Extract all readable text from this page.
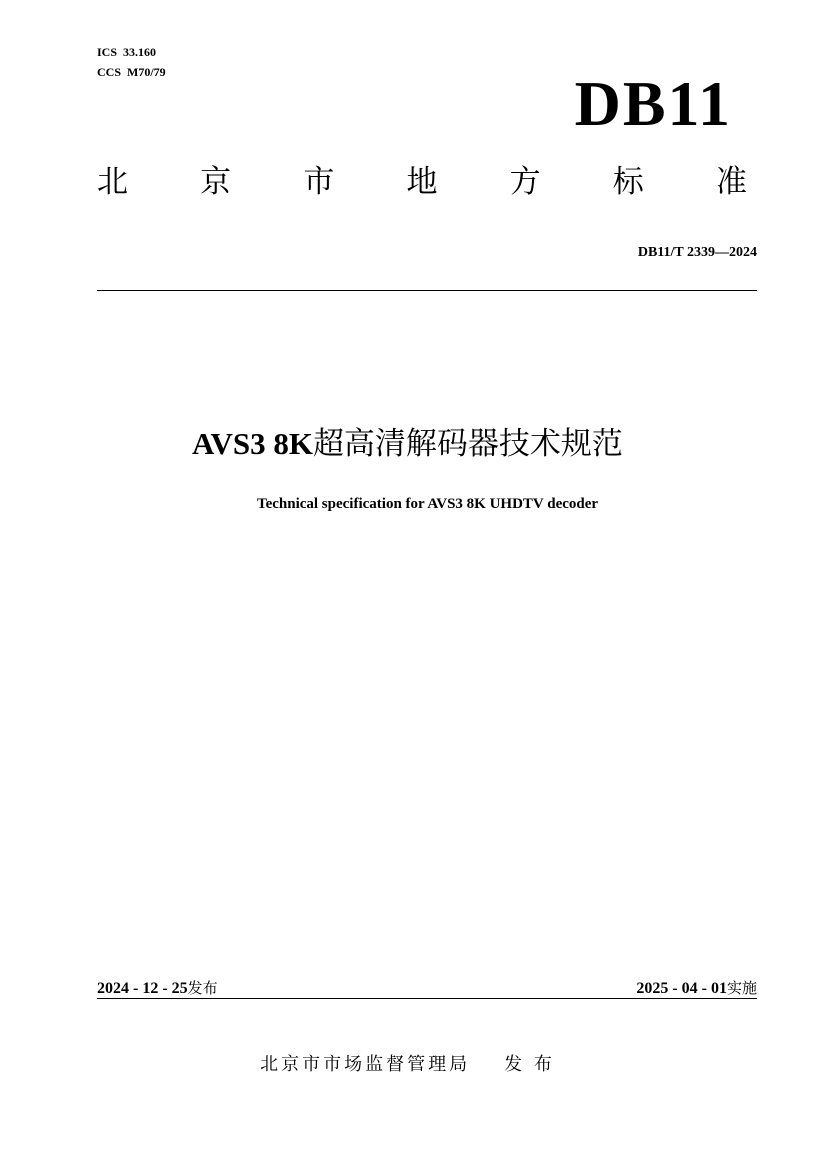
ICS  33.160
CCS  M70/79	DB11
北 京 市 地 方 标 准
DB11/T 2339—2024
AVS3 8K超高清解码器技术规范
Technical specification for AVS3 8K UHDTV decoder
2024 - 12 - 25发布	2025 - 04 - 01实施
北京市市场监督管理局 发 布
